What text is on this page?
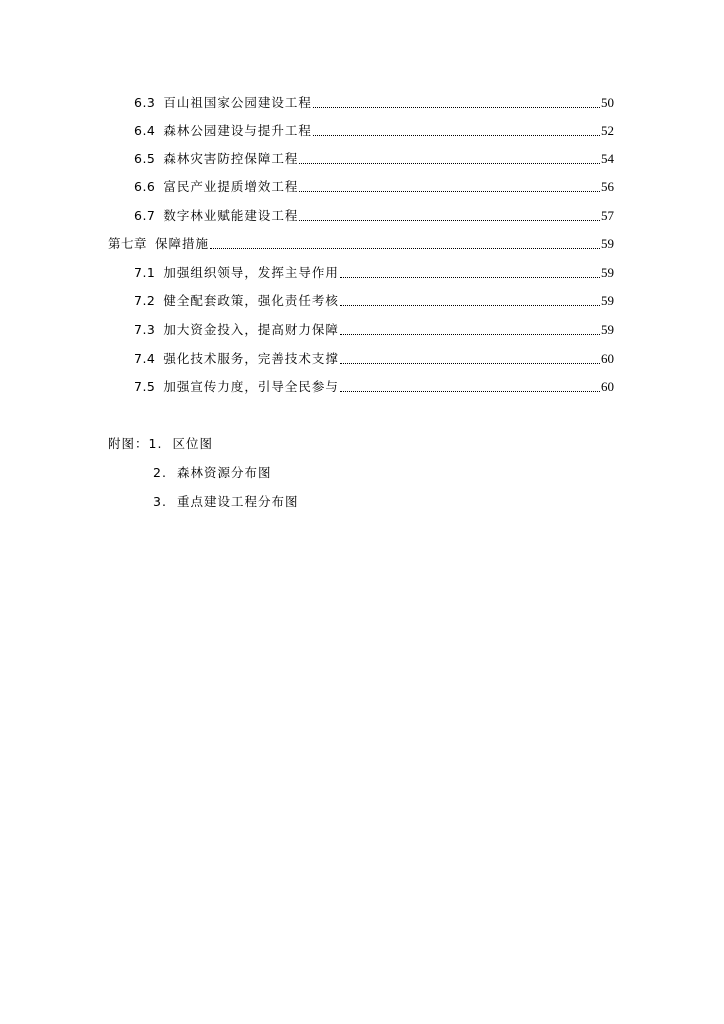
6.3 百山祖国家公园建设工程	50
6.4 森林公园建设与提升工程	52
6.5 森林灾害防控保障工程	54
6.6 富民产业提质增效工程	56
6.7 数字林业赋能建设工程	57
第七章 保障措施	59
7.1 加强组织领导，发挥主导作用	59
7.2 健全配套政策，强化责任考核	59
7.3 加大资金投入，提高财力保障	59
7.4 强化技术服务，完善技术支撑	60
7.5 加强宣传力度，引导全民参与	60
附图：1. 区位图
2. 森林资源分布图
3. 重点建设工程分布图
